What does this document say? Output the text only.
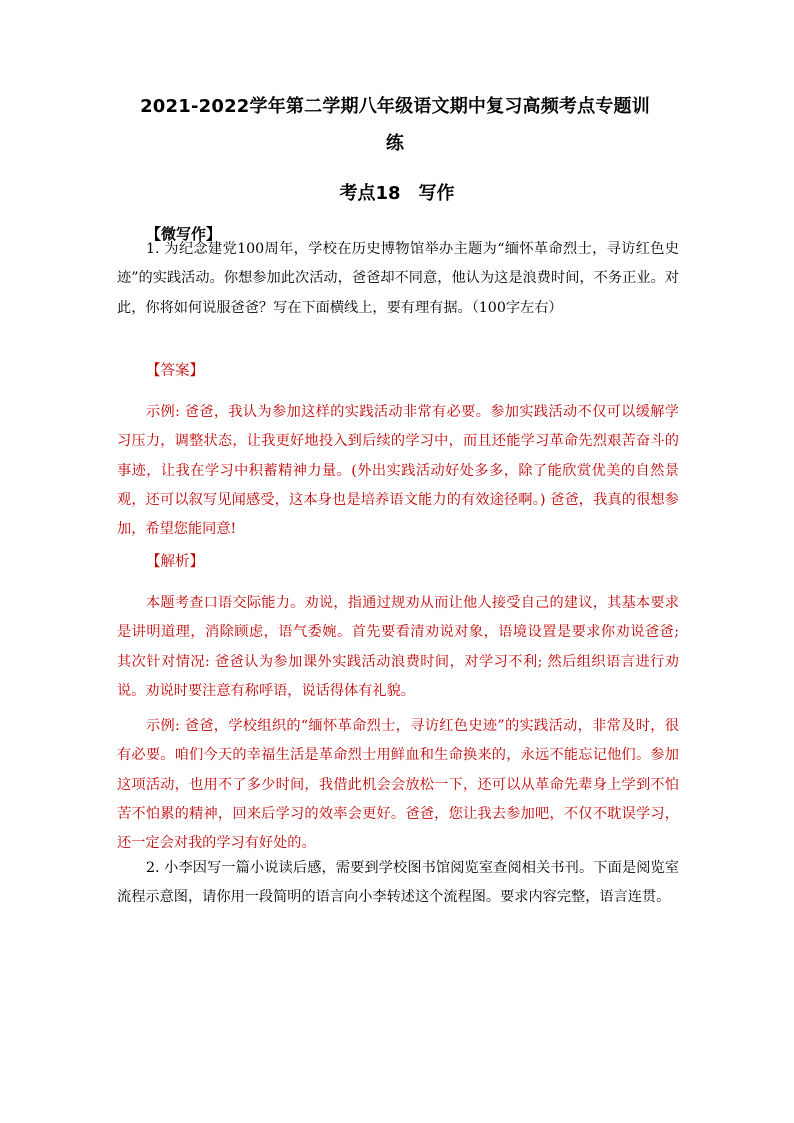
2021-2022学年第二学期八年级语文期中复习高频考点专题训
练
考点18　写作
【微写作】

1. 为纪念建党100周年，学校在历史博物馆举办主题为“缅怀革命烈士，寻访红色史迹”的实践活动。你想参加此次活动，爸爸却不同意，他认为这是浪费时间，不务正业。对此，你将如何说服爸爸？写在下面横线上，要有理有据。（100字左右）

【答案】

示例: 爸爸，我认为参加这样的实践活动非常有必要。参加实践活动不仅可以缓解学习压力，调整状态，让我更好地投入到后续的学习中，而且还能学习革命先烈艰苦奋斗的事迹，让我在学习中积蓄精神力量。(外出实践活动好处多多，除了能欣赏优美的自然景观，还可以叙写见闻感受，这本身也是培养语文能力的有效途径啊。) 爸爸，我真的很想参加，希望您能同意!

【解析】

本题考查口语交际能力。劝说，指通过规劝从而让他人接受自己的建议，其基本要求是讲明道理，消除顾虑，语气委婉。首先要看清劝说对象，语境设置是要求你劝说爸爸; 其次针对情况: 爸爸认为参加课外实践活动浪费时间，对学习不利; 然后组织语言进行劝说。劝说时要注意有称呼语，说话得体有礼貌。

示例: 爸爸，学校组织的“缅怀革命烈士，寻访红色史迹”的实践活动，非常及时，很有必要。咱们今天的幸福生活是革命烈士用鲜血和生命换来的，永远不能忘记他们。参加这项活动，也用不了多少时间，我借此机会会放松一下，还可以从革命先辈身上学到不怕苦不怕累的精神，回来后学习的效率会更好。爸爸，您让我去参加吧，不仅不耽误学习，还一定会对我的学习有好处的。

2. 小李因写一篇小说读后感，需要到学校图书馆阅览室查阅相关书刊。下面是阅览室流程示意图，请你用一段简明的语言向小李转述这个流程图。要求内容完整，语言连贯。
